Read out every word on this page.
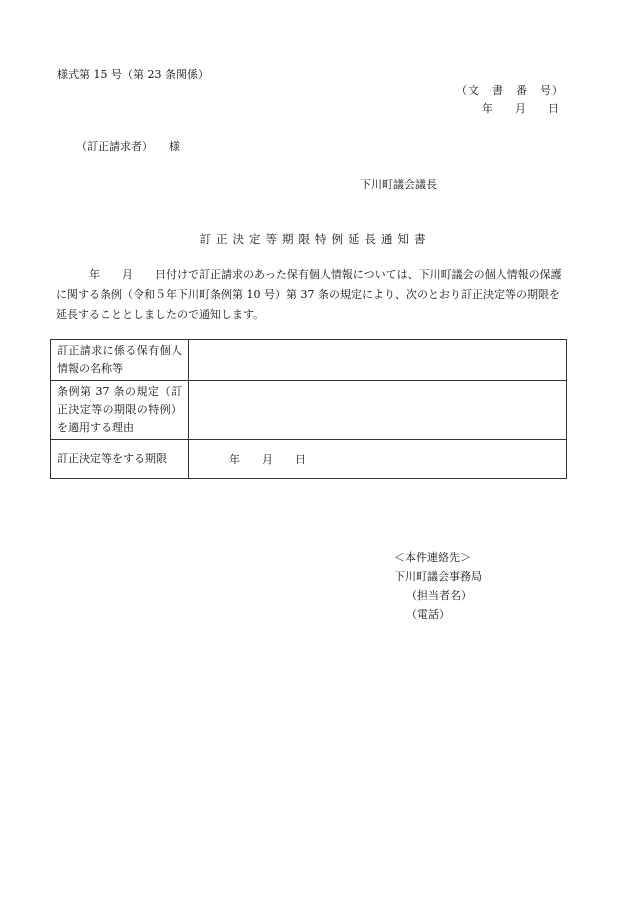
様式第 15 号（第 23 条関係）
（文　書　番　号）
年　　月　　日
（訂正請求者） 様
下川町議会議長
訂正決定等期限特例延長通知書
年　　月　　日付けで訂正請求のあった保有個人情報については、下川町議会の個人情報の保護に関する条例（令和５年下川町条例第 10 号）第 37 条の規定により、次のとおり訂正決定等の期限を延長することとしましたので通知します。
訂正請求に係る保有個人情報の名称等	
条例第 37 条の規定（訂正決定等の期限の特例）を適用する理由	
訂正決定等をする期限	年　　月　　日
＜本件連絡先＞
下川町議会事務局
（担当者名）
（電話）
